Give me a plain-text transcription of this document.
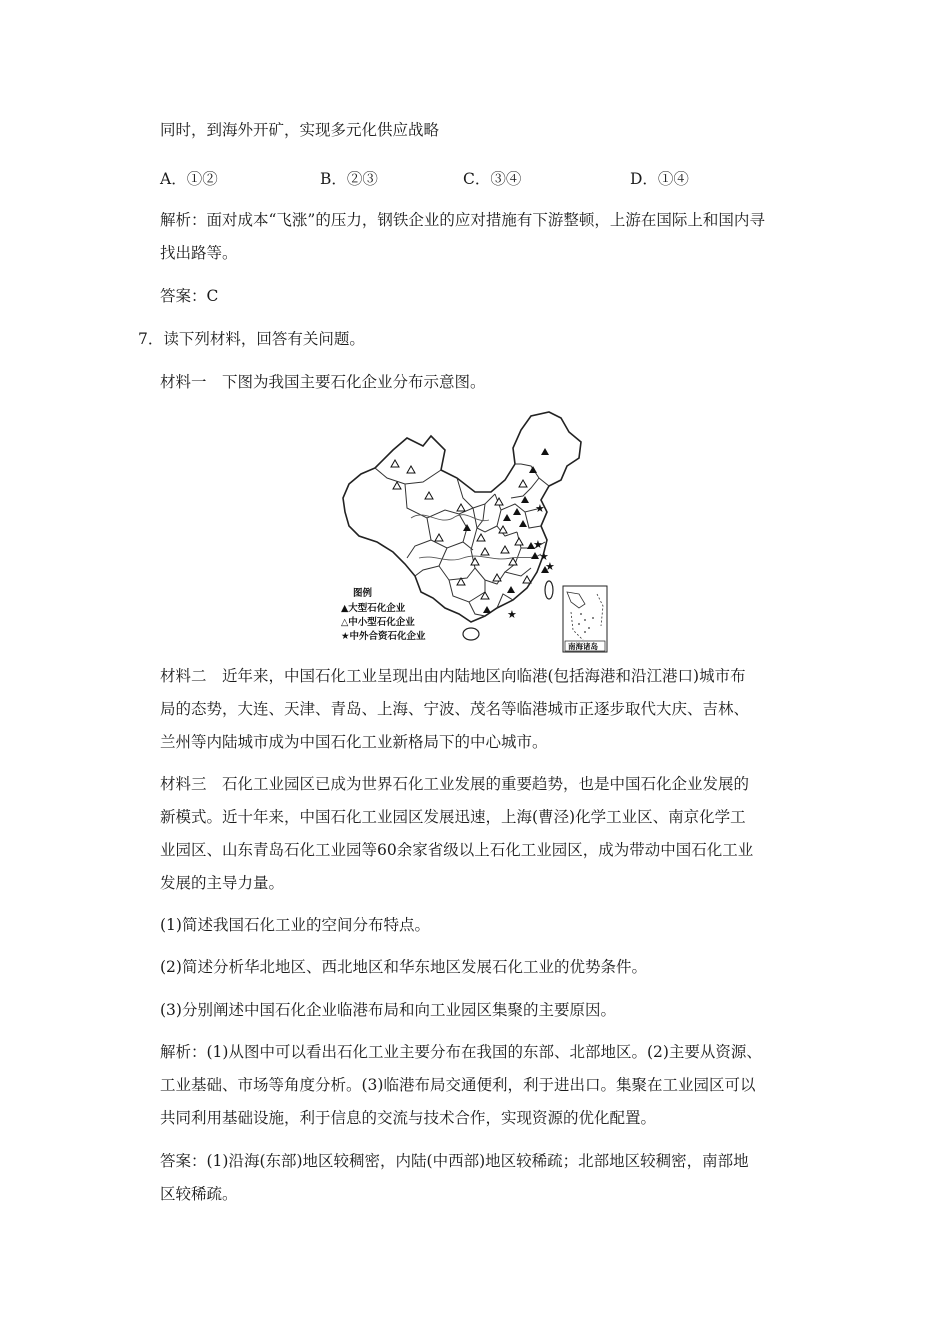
同时，到海外开矿，实现多元化供应战略
A．①②	B．②③	C．③④	D．①④
解析：面对成本“飞涨”的压力，钢铁企业的应对措施有下游整顿，上游在国际上和国内寻
找出路等。
答案：C
7．读下列材料，回答有关问题。
材料一　下图为我国主要石化企业分布示意图。
★
★
★
★
★
图例
▲大型石化企业
△中小型石化企业
★中外合资石化企业
南海诸岛
材料二　近年来，中国石化工业呈现出由内陆地区向临港(包括海港和沿江港口)城市布
局的态势，大连、天津、青岛、上海、宁波、茂名等临港城市正逐步取代大庆、吉林、
兰州等内陆城市成为中国石化工业新格局下的中心城市。
材料三　石化工业园区已成为世界石化工业发展的重要趋势，也是中国石化企业发展的
新模式。近十年来，中国石化工业园区发展迅速，上海(曹泾)化学工业区、南京化学工
业园区、山东青岛石化工业园等60余家省级以上石化工业园区，成为带动中国石化工业
发展的主导力量。
(1)简述我国石化工业的空间分布特点。
(2)简述分析华北地区、西北地区和华东地区发展石化工业的优势条件。
(3)分别阐述中国石化企业临港布局和向工业园区集聚的主要原因。
解析：(1)从图中可以看出石化工业主要分布在我国的东部、北部地区。(2)主要从资源、
工业基础、市场等角度分析。(3)临港布局交通便利，利于进出口。集聚在工业园区可以
共同利用基础设施，利于信息的交流与技术合作，实现资源的优化配置。
答案：(1)沿海(东部)地区较稠密，内陆(中西部)地区较稀疏；北部地区较稠密，南部地
区较稀疏。
